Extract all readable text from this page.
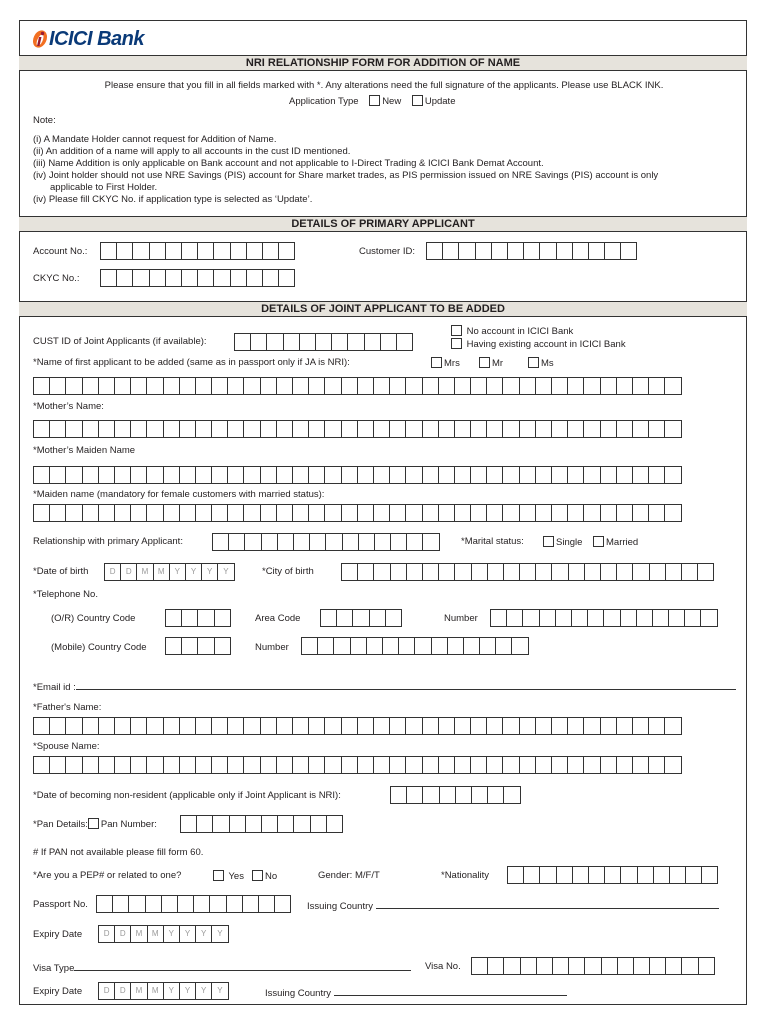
ICICI Bank
NRI RELATIONSHIP FORM FOR ADDITION OF NAME
Please ensure that you fill in all fields marked with *. Any alterations need the full signature of the applicants. Please use BLACK INK.
Application Type New Update
Note:
(i) A Mandate Holder cannot request for Addition of Name.
(ii) An addition of a name will apply to all accounts in the cust ID mentioned.
(iii) Name Addition is only applicable on Bank account and not applicable to I-Direct Trading & ICICI Bank Demat Account.
(iv) Joint holder should not use NRE Savings (PIS) account for Share market trades, as PIS permission issued on NRE Savings (PIS) account is only
applicable to First Holder.
(iv) Please fill CKYC No. if application type is selected as ‘Update’.
DETAILS OF PRIMARY APPLICANT
Account No.:	Customer ID:
CKYC No.:
DETAILS OF JOINT APPLICANT TO BE ADDED
CUST ID of Joint Applicants (if available):
No account in ICICI Bank
Having existing account in ICICI Bank
*Name of first applicant to be added (same as in passport only if JA is NRI):	Mrs	Mr	Ms
*Mother’s Name:
*Mother’s Maiden Name
*Maiden name (mandatory for female customers with married status):
Relationship with primary Applicant:	*Marital status:	Single	Married
*Date of birth	D	D	M	M	Y	Y	Y	Y	*City of birth
*Telephone No.
(O/R) Country Code	Area Code	Number
(Mobile) Country Code	Number
*Email id :
*Father's Name:
*Spouse Name:
*Date of becoming non-resident (applicable only if Joint Applicant is NRI):
*Pan Details: Pan Number:
# If PAN not available please fill form 60.
*Are you a PEP# or related to one?	Yes	No	Gender: M/F/T	*Nationality
Passport No.	Issuing Country
Expiry Date	D	D	M	M	Y	Y	Y	Y
Visa Type	Visa No.
Expiry Date	D	D	M	M	Y	Y	Y	Y	Issuing Country
